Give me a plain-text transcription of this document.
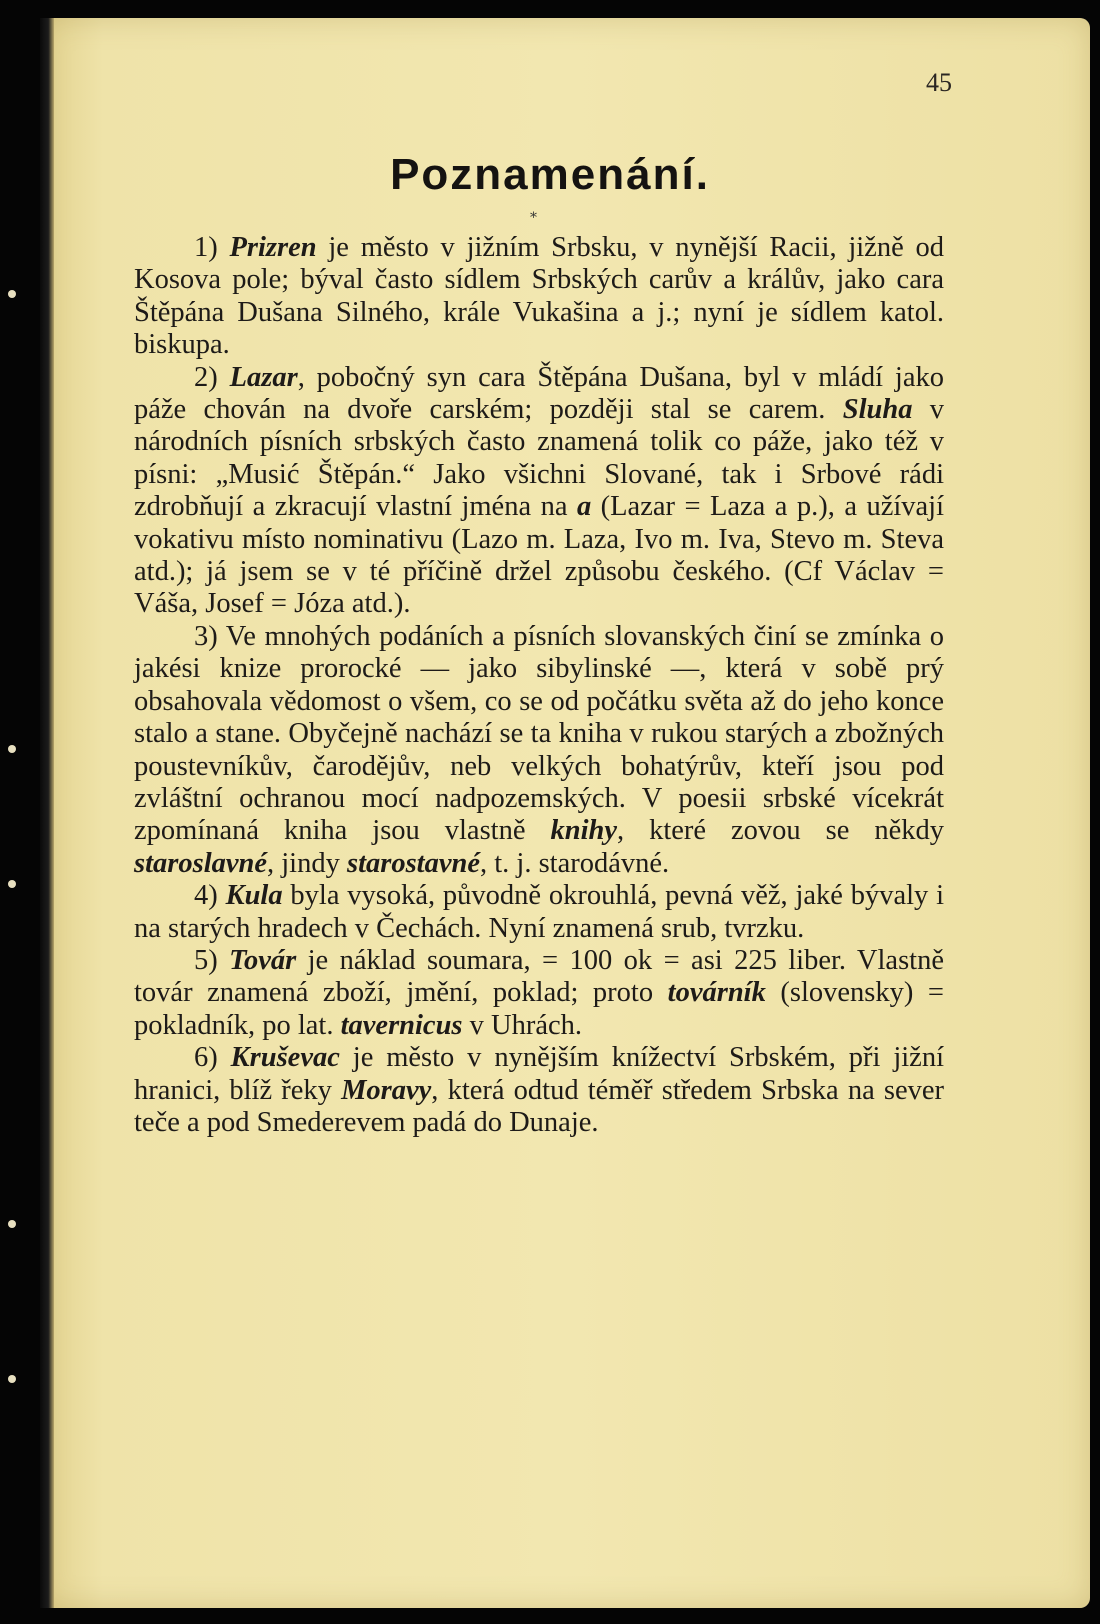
45
Poznamenání.
*

1) Prizren je město v jižním Srbsku, v nynější Racii, jižně od Kosova pole; býval často sídlem Srbských carův a králův, jako cara Štěpána Dušana Silného, krále Vukašina a j.; nyní je sídlem katol. biskupa.

2) Lazar, pobočný syn cara Štěpána Dušana, byl v mládí jako páže chován na dvoře carském; později stal se carem. Sluha v národních písních srbských často znamená tolik co páže, jako též v písni: „Musić Štěpán.“ Jako všichni Slované, tak i Srbové rádi zdrobňují a zkracují vlastní jména na a (Lazar = Laza a p.), a užívají vokativu místo nominativu (Lazo m. Laza, Ivo m. Iva, Stevo m. Steva atd.); já jsem se v té příčině držel způsobu českého. (Cf Václav = Váša, Josef = Józa atd.).

3) Ve mnohých podáních a písních slovanských činí se zmínka o jakési knize prorocké — jako sibylinské —, která v sobě prý obsahovala vědomost o všem, co se od počátku světa až do jeho konce stalo a stane. Obyčejně nachází se ta kniha v rukou starých a zbožných poustevníkův, čarodějův, neb velkých bohatýrův, kteří jsou pod zvláštní ochranou mocí nadpozemských. V poesii srbské vícekrát zpomínaná kniha jsou vlastně knihy, které zovou se někdy staroslavné, jindy starostavné, t. j. starodávné.

4) Kula byla vysoká, původně okrouhlá, pevná věž, jaké bývaly i na starých hradech v Čechách. Nyní znamená srub, tvrzku.

5) Továr je náklad soumara, = 100 ok = asi 225 liber. Vlastně továr znamená zboží, jmění, poklad; proto továrník (slovensky) = pokladník, po lat. tavernicus v Uhrách.

6) Kruševac je město v nynějším knížectví Srbském, při jižní hranici, blíž řeky Moravy, která odtud téměř středem Srbska na sever teče a pod Smederevem padá do Dunaje.
